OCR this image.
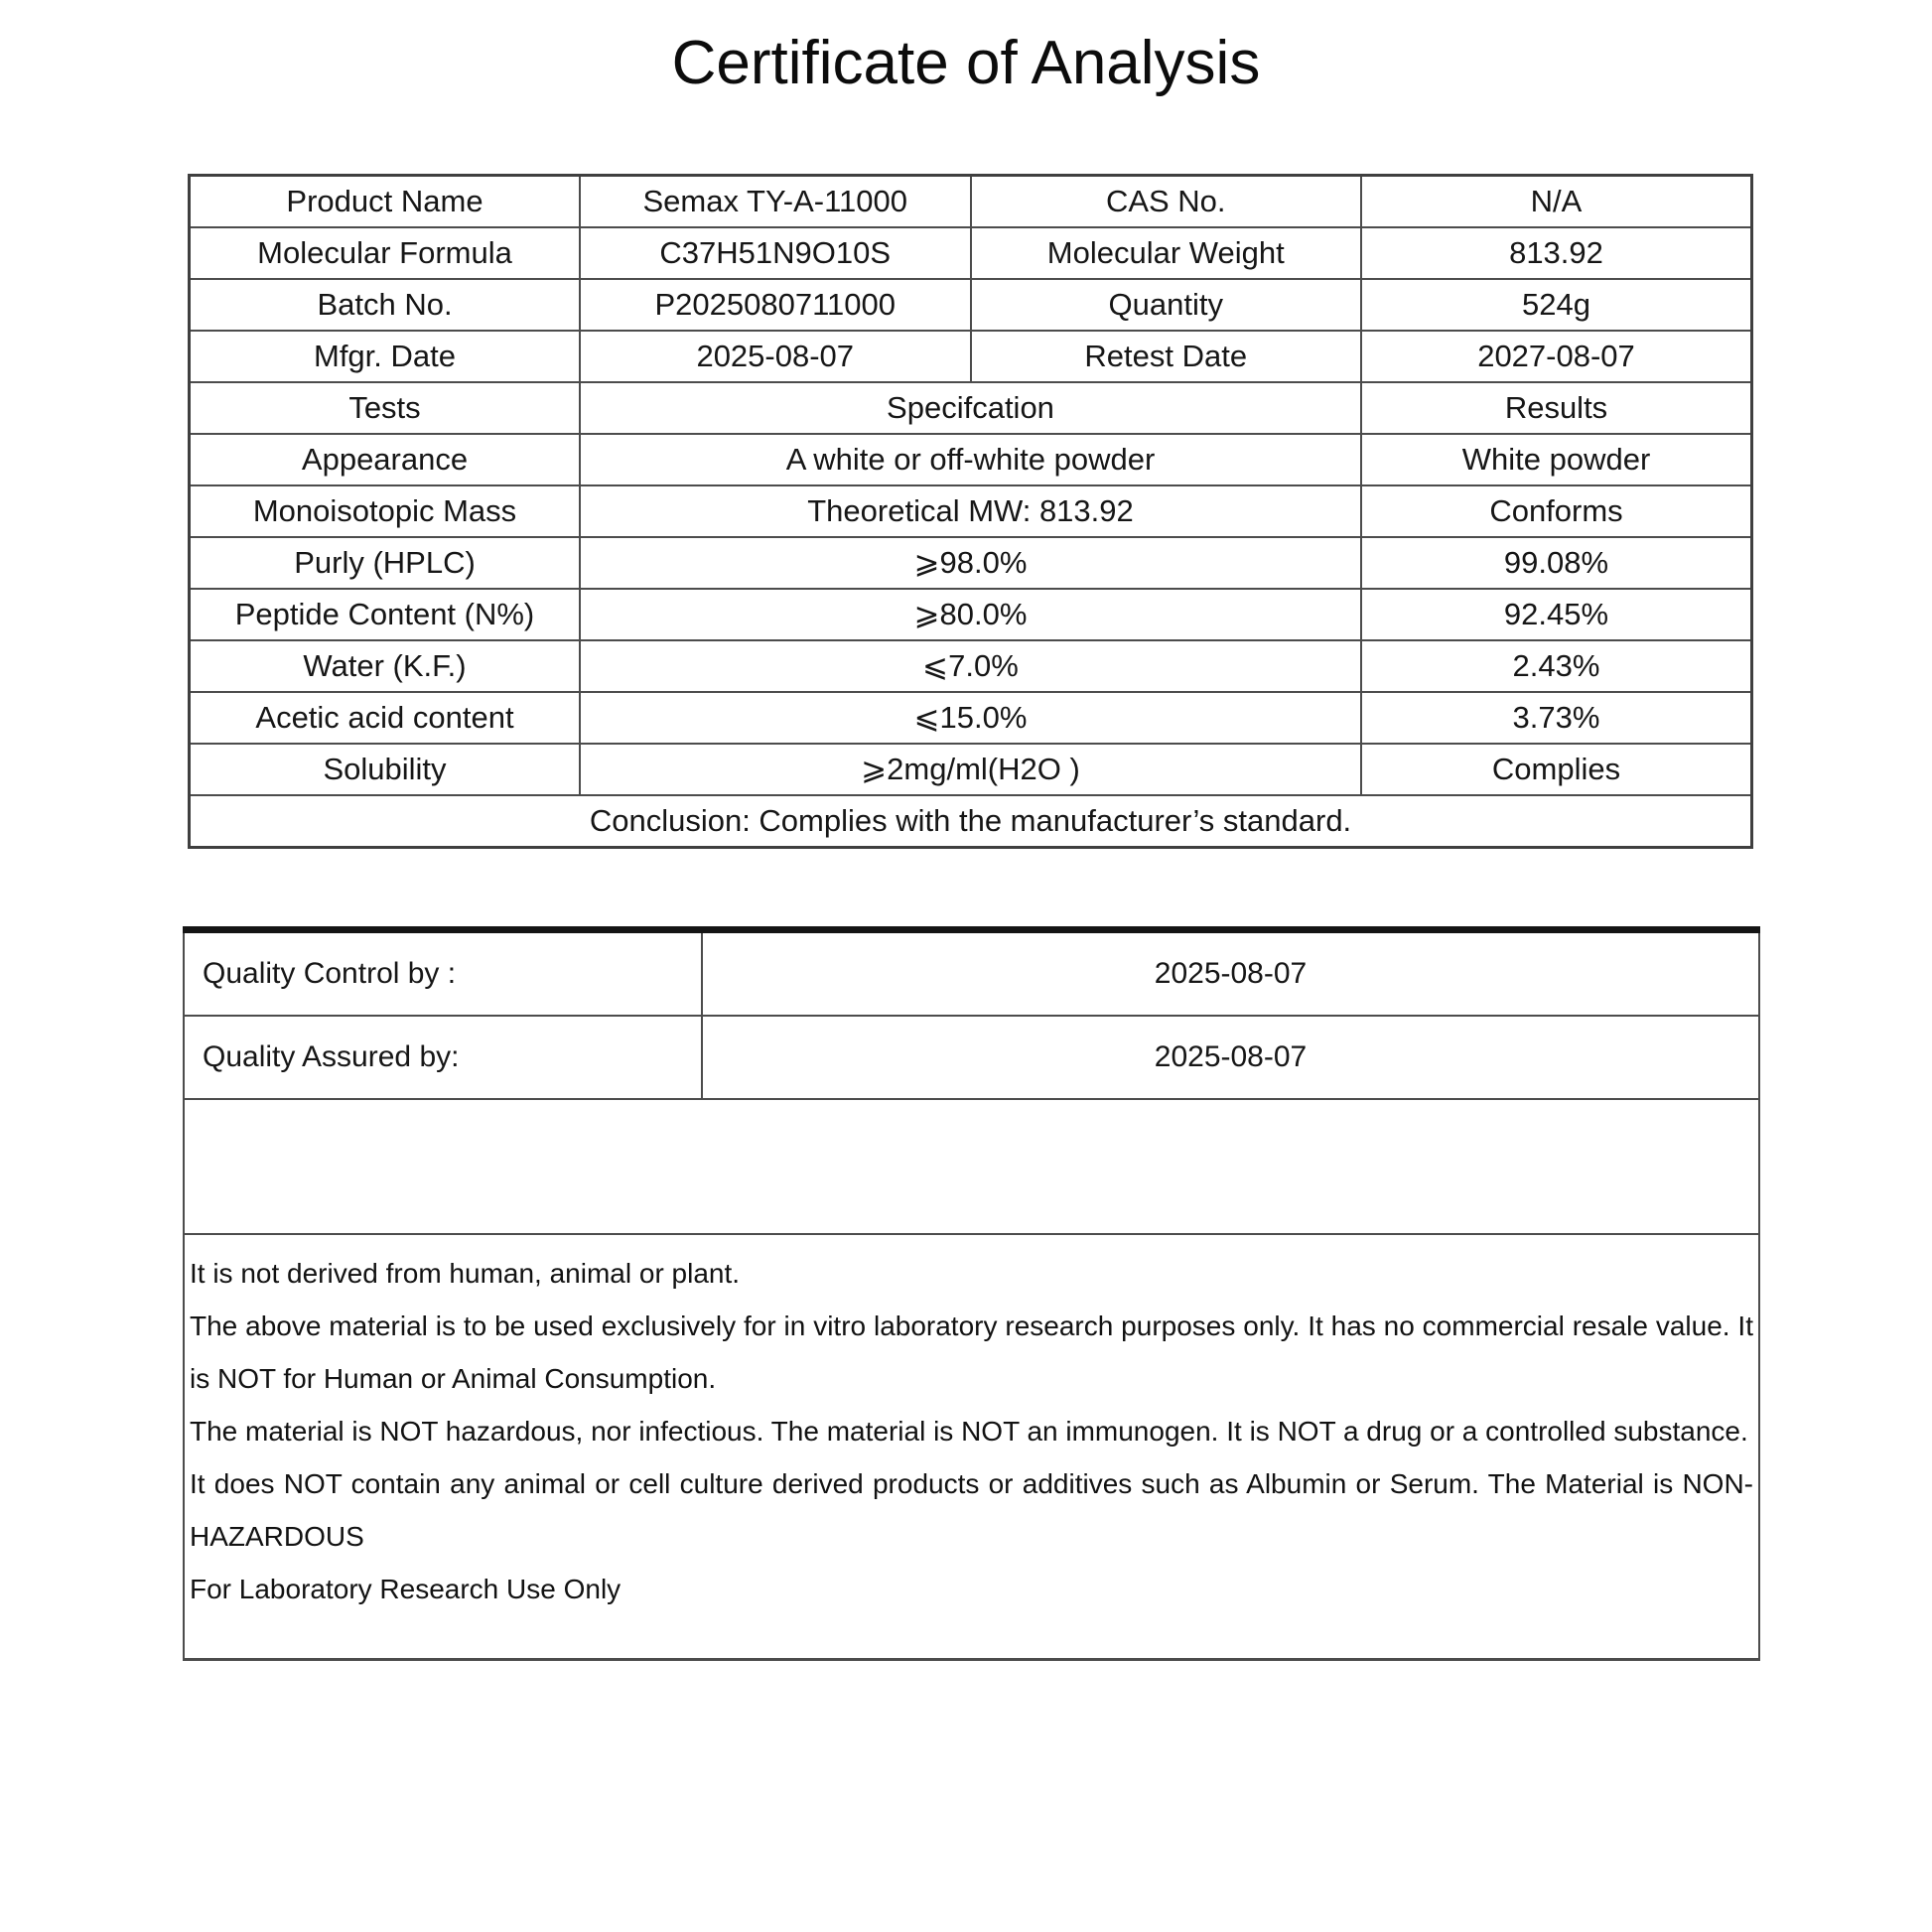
Certificate of Analysis
Product Name	Semax TY-A-11000	CAS No.	N/A
Molecular Formula	C37H51N9O10S	Molecular Weight	813.92
Batch No.	P2025080711000	Quantity	524g
Mfgr. Date	2025-08-07	Retest Date	2027-08-07
Tests	Specifcation		Results
Appearance	A white or off-white powder		White powder
Monoisotopic Mass	Theoretical MW: 813.92		Conforms
Purly (HPLC)	⩾98.0%		99.08%
Peptide Content (N%)	⩾80.0%		92.45%
Water (K.F.)	⩽7.0%		2.43%
Acetic acid content	⩽15.0%		3.73%
Solubility	⩾2mg/ml(H2O )		Complies
Conclusion: Complies with the manufacturer’s standard.			
Quality Control by :	2025-08-07
Quality Assured by:	2025-08-07

It is not derived from human, animal or plant.

The above material is to be used exclusively for in vitro laboratory research purposes only. It has no commercial resale value. It is NOT for Human or Animal Consumption.

The material is NOT hazardous, nor infectious. The material is NOT an immunogen. It is NOT a drug or a controlled substance.

It does NOT contain any animal or cell culture derived products or additives such as Albumin or Serum. The Material is NON-HAZARDOUS

For Laboratory Research Use Only	
